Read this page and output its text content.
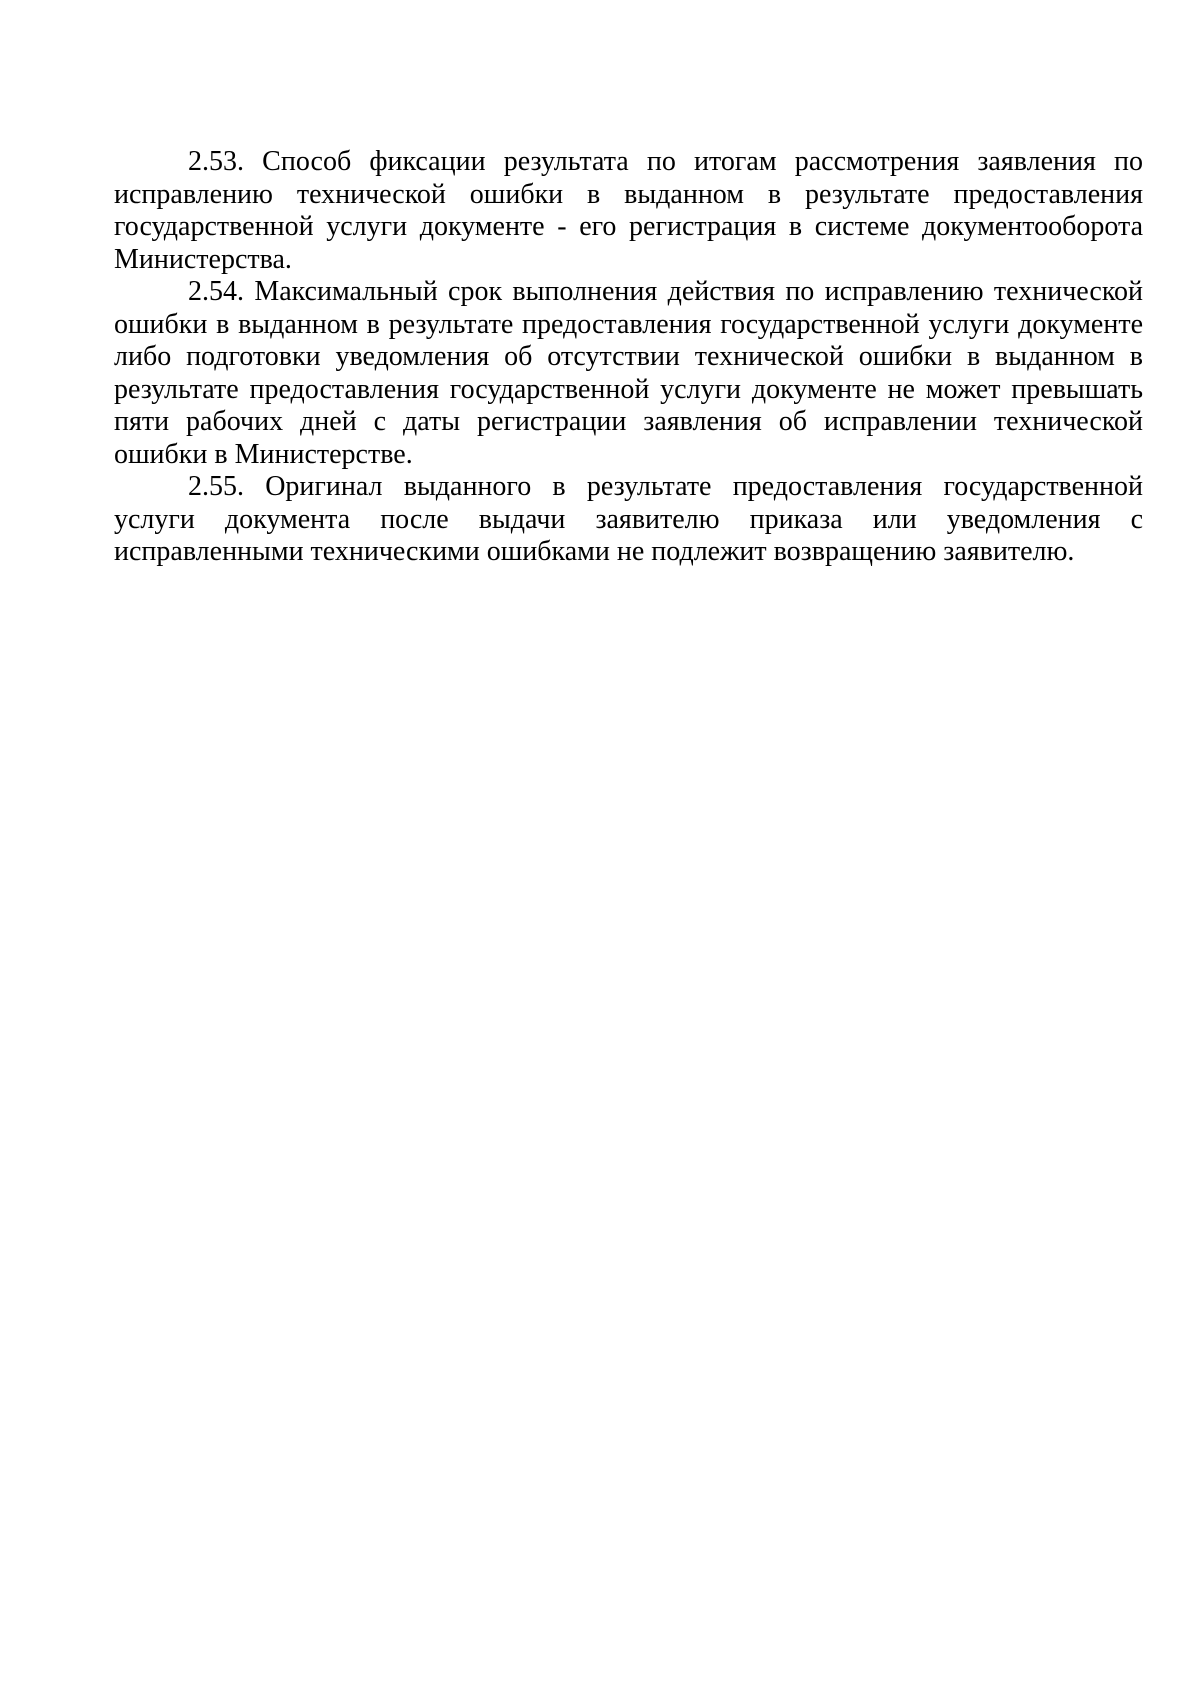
2.53. Способ фиксации результата по итогам рассмотрения заявления по исправлению технической ошибки в выданном в результате предоставления государственной услуги документе - его регистрация в системе документооборота Министерства.

2.54. Максимальный срок выполнения действия по исправлению технической ошибки в выданном в результате предоставления государственной услуги документе либо подготовки уведомления об отсутствии технической ошибки в выданном в результате предоставления государственной услуги документе не может превышать пяти рабочих дней с даты регистрации заявления об исправлении технической ошибки в Министерстве.

2.55. Оригинал выданного в результате предоставления государственной услуги документа после выдачи заявителю приказа или уведомления с исправленными техническими ошибками не подлежит возвращению заявителю.
